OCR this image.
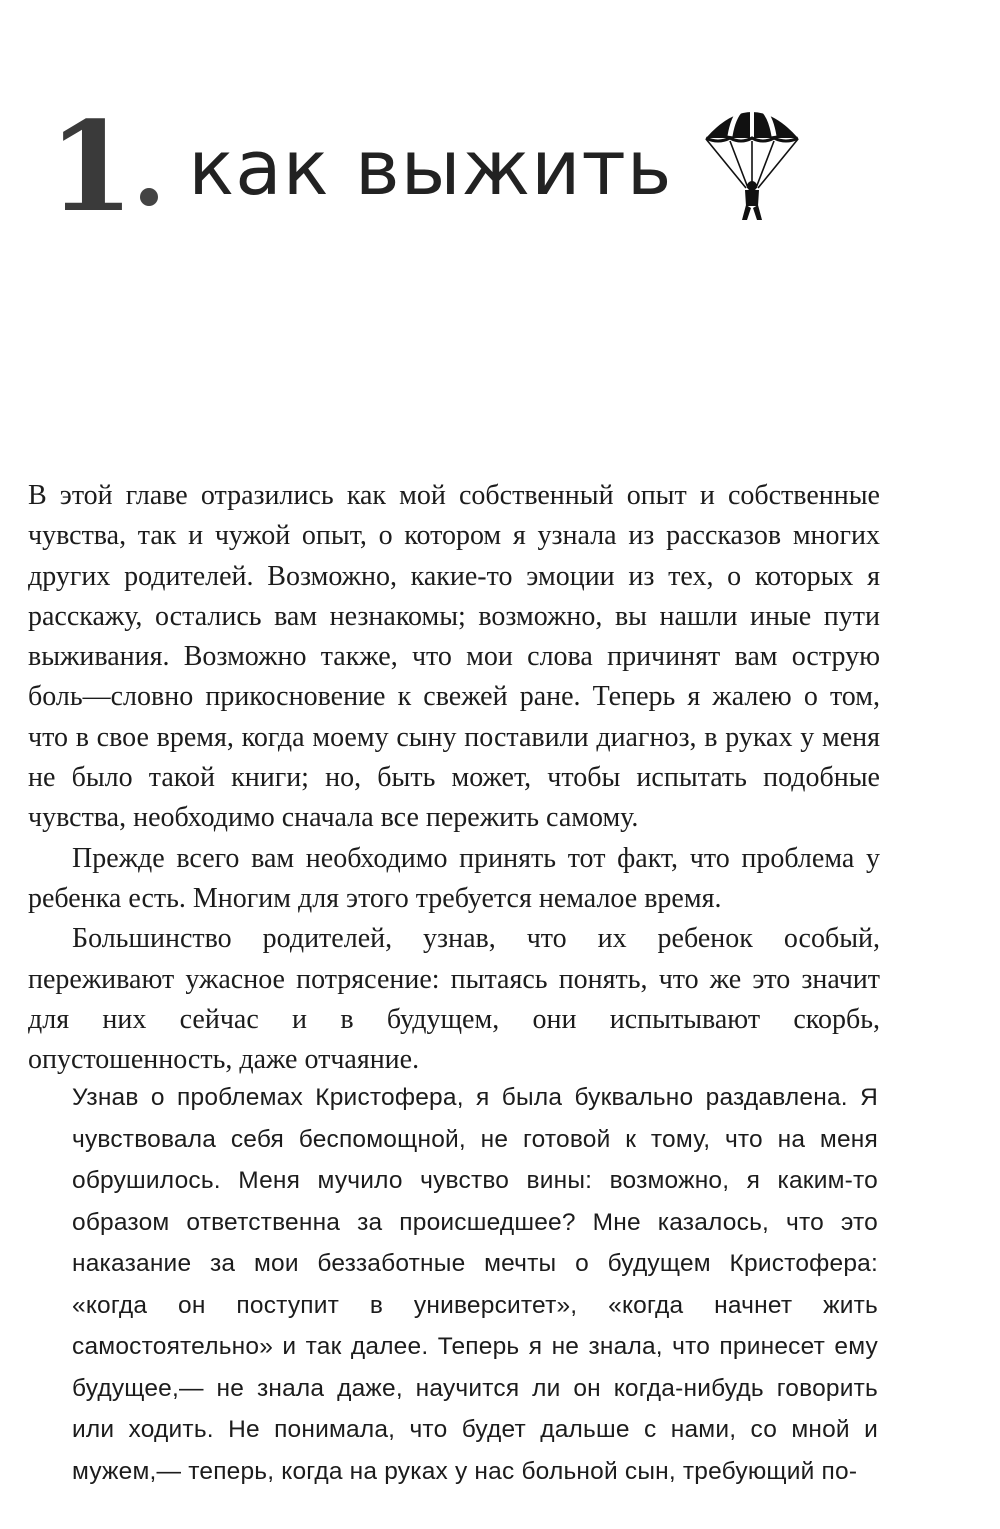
1 как выжить

В этой главе отразились как мой собственный опыт и собственные чувства, так и чужой опыт, о котором я узнала из рассказов многих других родителей. Возможно, какие-то эмоции из тех, о которых я расскажу, остались вам незнакомы; возможно, вы нашли иные пути выживания. Возможно также, что мои слова причинят вам острую боль—словно прикосновение к свежей ране. Теперь я жалею о том, что в свое время, когда моему сыну поставили диагноз, в руках у меня не было такой книги; но, быть может, чтобы испытать подобные чувства, необходимо сначала все пережить самому.

Прежде всего вам необходимо принять тот факт, что проблема у ребенка есть. Многим для этого требуется немалое время.

Большинство родителей, узнав, что их ребенок особый, переживают ужасное потрясение: пытаясь понять, что же это значит для них сейчас и в будущем, они испытывают скорбь, опустошенность, даже отчаяние.

Узнав о проблемах Кристофера, я была буквально раздавлена. Я чувствовала себя беспомощной, не готовой к тому, что на меня обрушилось. Меня мучило чувство вины: возможно, я каким-то образом ответственна за происшедшее? Мне казалось, что это наказание за мои беззаботные мечты о будущем Кристофера: «когда он поступит в университет», «когда начнет жить самостоятельно» и так далее. Теперь я не знала, что принесет ему будущее,— не знала даже, научится ли он когда-нибудь говорить или ходить. Не понимала, что будет дальше с нами, со мной и мужем,— теперь, когда на руках у нас больной сын, требующий по-
